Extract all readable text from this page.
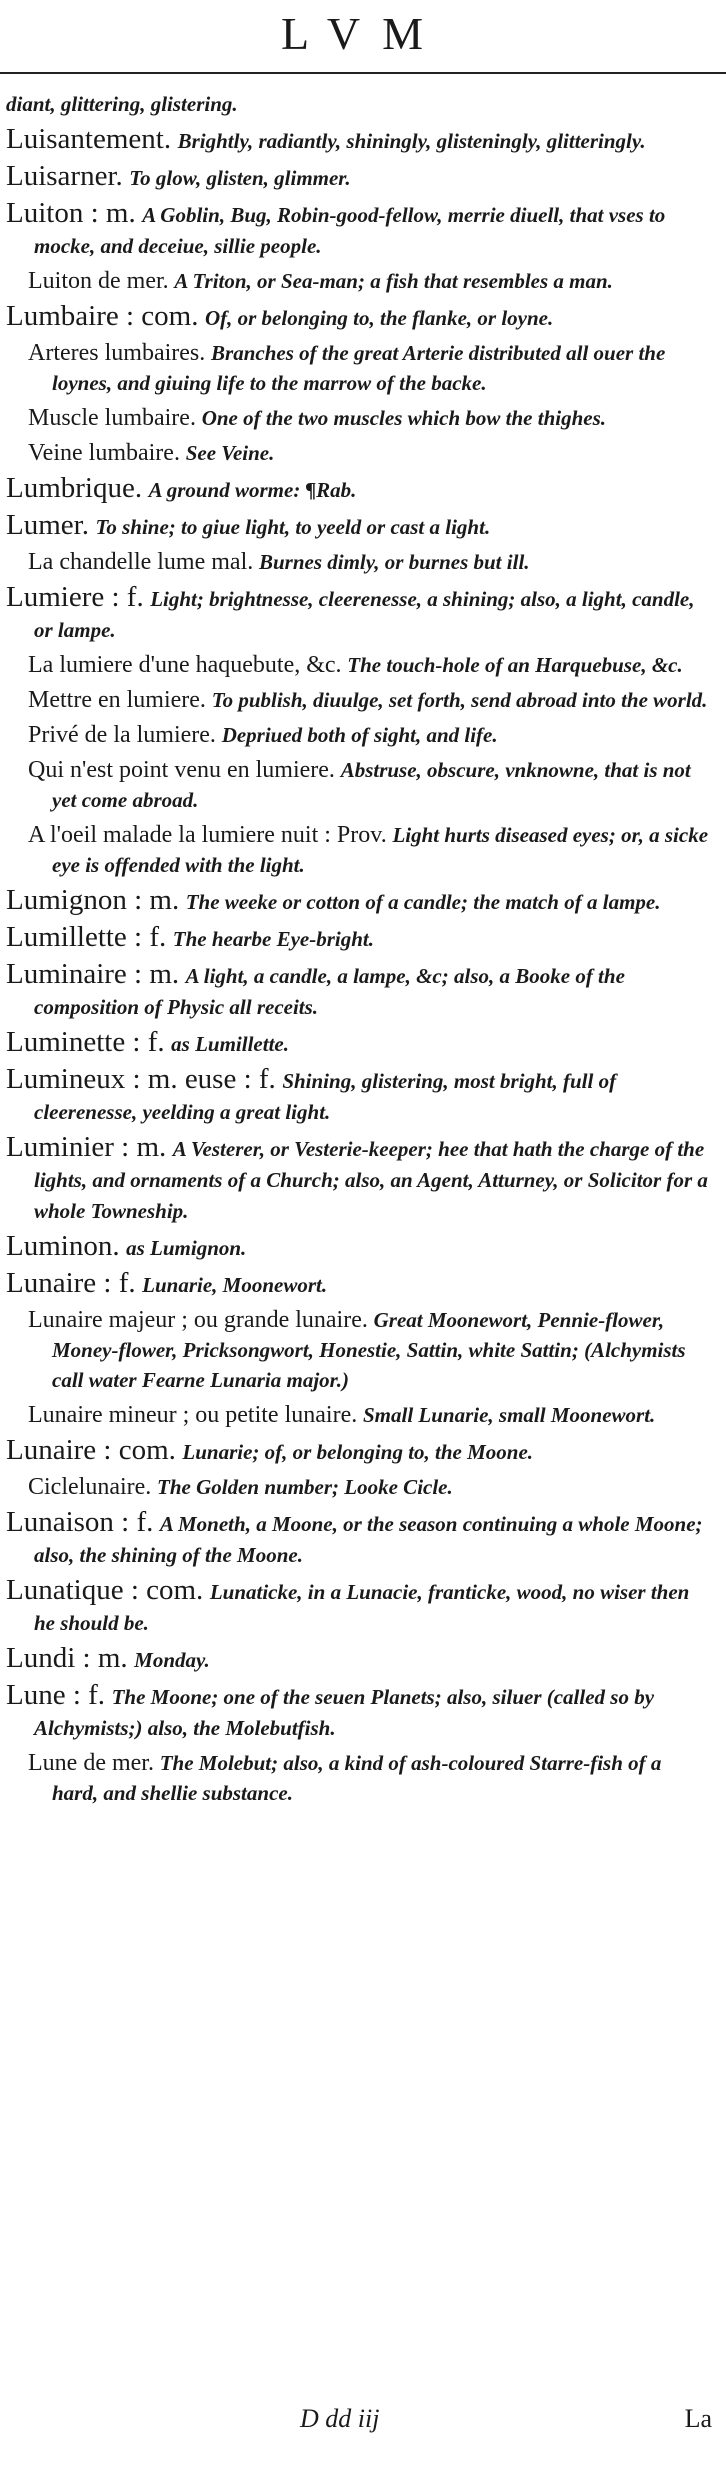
LVM
diant, glittering, glistering.
Luisantement. Brightly, radiantly, shiningly, glisteningly, glitteringly.
Luisarner. To glow, glisten, glimmer.
Luiton : m. A Goblin, Bug, Robin-good-fellow, merrie diuell, that vses to mocke, and deceiue, sillie people.
Luiton de mer. A Triton, or Sea-man; a fish that resembles a man.
Lumbaire : com. Of, or belonging to, the flanke, or loyne.
Arteres lumbaires. Branches of the great Arterie distributed all ouer the loynes, and giuing life to the marrow of the backe.
Muscle lumbaire. One of the two muscles which bow the thighes.
Veine lumbaire. See Veine.
Lumbrique. A ground worme: ¶Rab.
Lumer. To shine; to giue light, to yeeld or cast a light.
La chandelle lume mal. Burnes dimly, or burnes but ill.
Lumiere : f. Light; brightnesse, cleerenesse, a shining; also, a light, candle, or lampe.
La lumiere d'une haquebute, &c. The touch-hole of an Harquebuse, &c.
Mettre en lumiere. To publish, diuulge, set forth, send abroad into the world.
Privé de la lumiere. Depriued both of sight, and life.
Qui n'est point venu en lumiere. Abstruse, obscure, vnknowne, that is not yet come abroad.
A l'oeil malade la lumiere nuit : Prov. Light hurts diseased eyes; or, a sicke eye is offended with the light.
Lumignon : m. The weeke or cotton of a candle; the match of a lampe.
Lumillette : f. The hearbe Eye-bright.
Luminaire : m. A light, a candle, a lampe, &c; also, a Booke of the composition of Physic all receits.
Luminette : f. as Lumillette.
Lumineux : m. euse : f. Shining, glistering, most bright, full of cleerenesse, yeelding a great light.
Luminier : m. A Vesterer, or Vesterie-keeper; hee that hath the charge of the lights, and ornaments of a Church; also, an Agent, Atturney, or Solicitor for a whole Towneship.
Luminon. as Lumignon.
Lunaire : f. Lunarie, Moonewort.
Lunaire majeur ; ou grande lunaire. Great Moonewort, Pennie-flower, Money-flower, Pricksongwort, Honestie, Sattin, white Sattin; (Alchymists call water Fearne Lunaria major.)
Lunaire mineur ; ou petite lunaire. Small Lunarie, small Moonewort.
Lunaire : com. Lunarie; of, or belonging to, the Moone.
Ciclelunaire. The Golden number; Looke Cicle.
Lunaison : f. A Moneth, a Moone, or the season continuing a whole Moone; also, the shining of the Moone.
Lunatique : com. Lunaticke, in a Lunacie, franticke, wood, no wiser then he should be.
Lundi : m. Monday.
Lune : f. The Moone; one of the seuen Planets; also, siluer (called so by Alchymists;) also, the Molebutfish.
Lune de mer. The Molebut; also, a kind of ash-coloured Starre-fish of a hard, and shellie substance.
D dd iij	La
